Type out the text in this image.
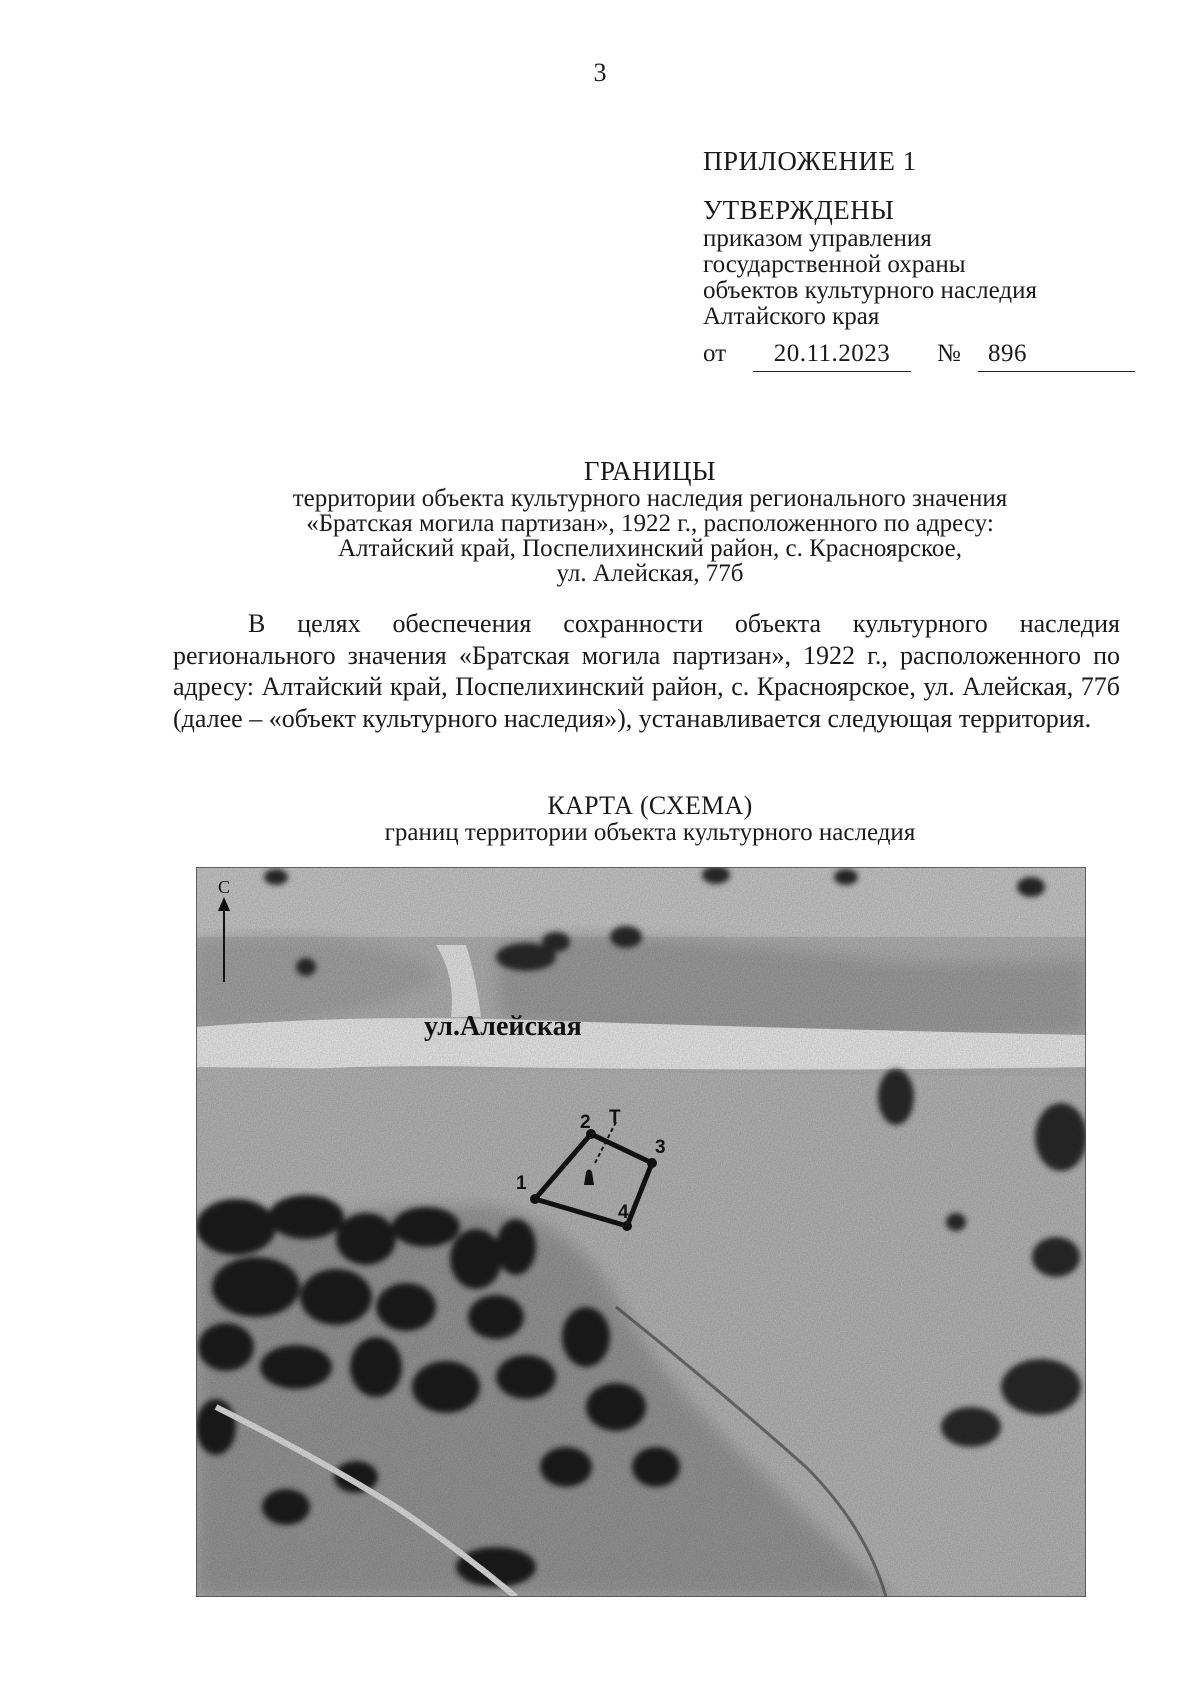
3
ПРИЛОЖЕНИЕ 1
УТВЕРЖДЕНЫ
приказом управления
государственной охраны
объектов культурного наследия
Алтайского края
от	20.11.2023	№	896
ГРАНИЦЫ
территории объекта культурного наследия регионального значения
«Братская могила партизан», 1922 г., расположенного по адресу:
Алтайский край, Поспелихинский район, с. Красноярское,
ул. Алейская, 77б
В целях обеспечения сохранности объекта культурного наследия регионального значения «Братская могила партизан», 1922 г., расположенного по адресу: Алтайский край, Поспелихинский район, с. Красноярское, ул. Алейская, 77б (далее – «объект культурного наследия»), устанавливается следующая территория.
КАРТА (СХЕМА)
границ территории объекта культурного наследия
С
ул.Алейская
1
2
3
4
Т
